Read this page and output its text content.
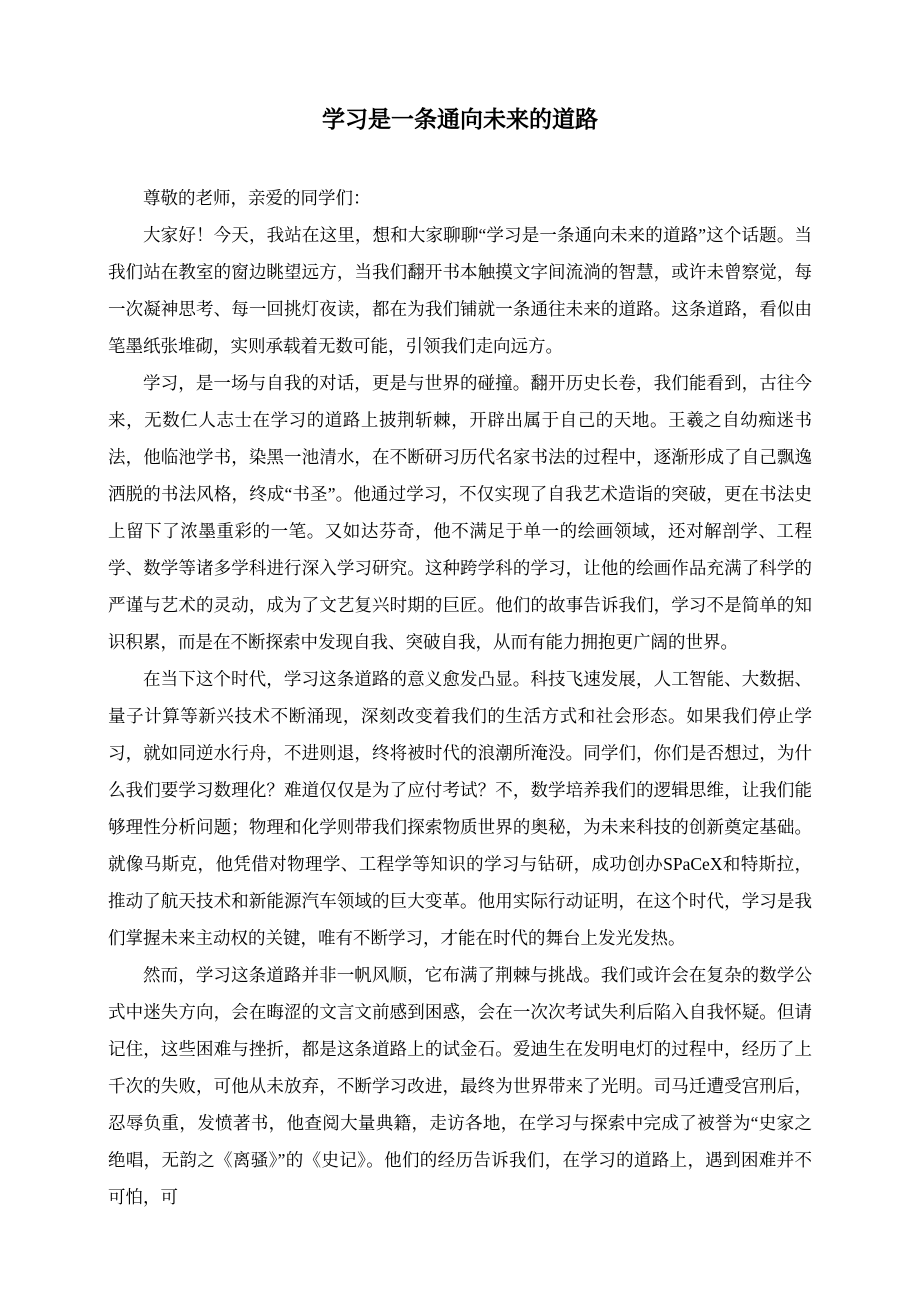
学习是一条通向未来的道路

尊敬的老师，亲爱的同学们：

大家好！今天，我站在这里，想和大家聊聊“学习是一条通向未来的道路”这个话题。当我们站在教室的窗边眺望远方，当我们翻开书本触摸文字间流淌的智慧，或许未曾察觉，每一次凝神思考、每一回挑灯夜读，都在为我们铺就一条通往未来的道路。这条道路，看似由笔墨纸张堆砌，实则承载着无数可能，引领我们走向远方。

学习，是一场与自我的对话，更是与世界的碰撞。翻开历史长卷，我们能看到，古往今来，无数仁人志士在学习的道路上披荆斩棘，开辟出属于自己的天地。王羲之自幼痴迷书法，他临池学书，染黑一池清水，在不断研习历代名家书法的过程中，逐渐形成了自己飘逸洒脱的书法风格，终成“书圣”。他通过学习，不仅实现了自我艺术造诣的突破，更在书法史上留下了浓墨重彩的一笔。又如达芬奇，他不满足于单一的绘画领域，还对解剖学、工程学、数学等诸多学科进行深入学习研究。这种跨学科的学习，让他的绘画作品充满了科学的严谨与艺术的灵动，成为了文艺复兴时期的巨匠。他们的故事告诉我们，学习不是简单的知识积累，而是在不断探索中发现自我、突破自我，从而有能力拥抱更广阔的世界。

在当下这个时代，学习这条道路的意义愈发凸显。科技飞速发展，人工智能、大数据、量子计算等新兴技术不断涌现，深刻改变着我们的生活方式和社会形态。如果我们停止学习，就如同逆水行舟，不进则退，终将被时代的浪潮所淹没。同学们，你们是否想过，为什么我们要学习数理化？难道仅仅是为了应付考试？不，数学培养我们的逻辑思维，让我们能够理性分析问题；物理和化学则带我们探索物质世界的奥秘，为未来科技的创新奠定基础。就像马斯克，他凭借对物理学、工程学等知识的学习与钻研，成功创办SPaCeX和特斯拉，推动了航天技术和新能源汽车领域的巨大变革。他用实际行动证明，在这个时代，学习是我们掌握未来主动权的关键，唯有不断学习，才能在时代的舞台上发光发热。

然而，学习这条道路并非一帆风顺，它布满了荆棘与挑战。我们或许会在复杂的数学公式中迷失方向，会在晦涩的文言文前感到困惑，会在一次次考试失利后陷入自我怀疑。但请记住，这些困难与挫折，都是这条道路上的试金石。爱迪生在发明电灯的过程中，经历了上千次的失败，可他从未放弃，不断学习改进，最终为世界带来了光明。司马迁遭受宫刑后，忍辱负重，发愤著书，他查阅大量典籍，走访各地，在学习与探索中完成了被誉为“史家之绝唱，无韵之《离骚》”的《史记》。他们的经历告诉我们，在学习的道路上，遇到困难并不可怕，可
